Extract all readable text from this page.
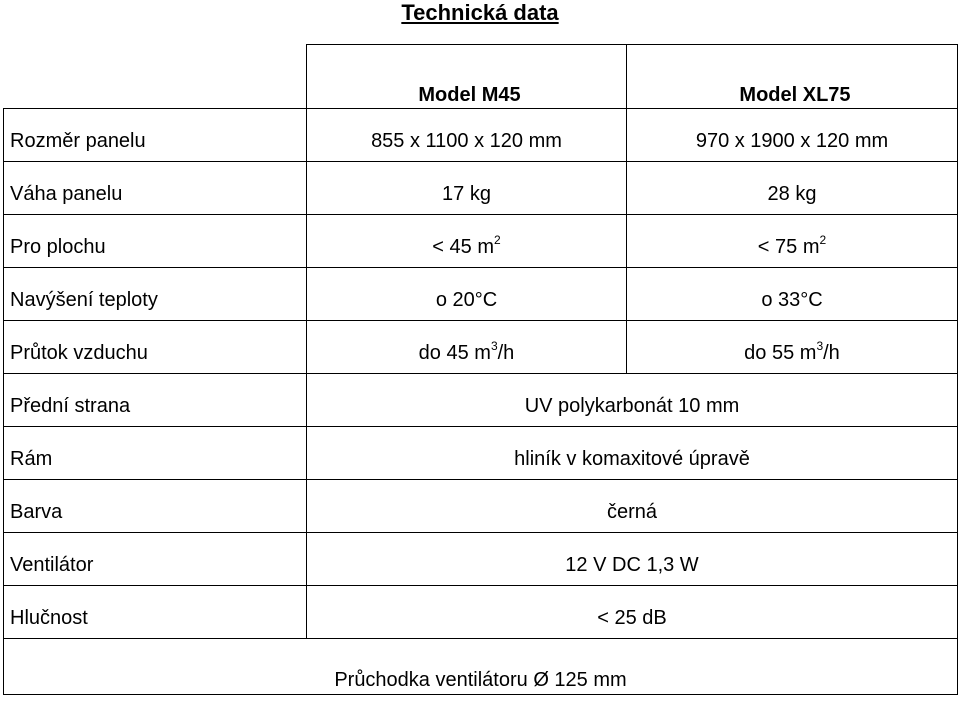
Technická data
	Model M45	Model XL75
Rozměr panelu	855 x 1100 x 120 mm	970 x 1900 x 120 mm
Váha panelu	17 kg	28 kg
Pro plochu	< 45 $m^2$	< 75 $m^2$
Navýšení teploty	o 20°C	o 33°C
Průtok vzduchu	do 45 $m^3/h$	do 55 $m^3/h$
Přední strana	UV polykarbonát 10 mm	
Rám	hliník v komaxitové úpravě	
Barva	černá	
Ventilátor	12 V DC 1,3 W	
Hlučnost	< 25 dB	
Průchodka ventilátoru Ø 125 mm		
